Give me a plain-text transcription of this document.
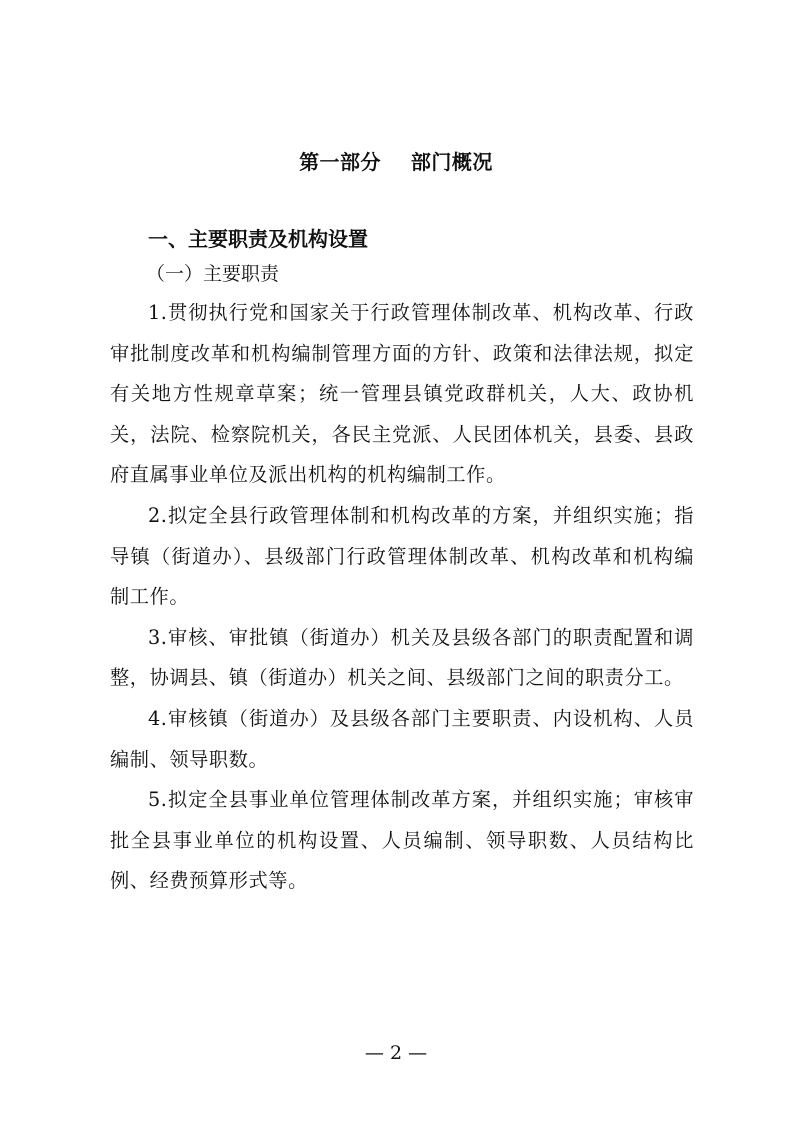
第一部分    部门概况
一、主要职责及机构设置
（一）主要职责

1.贯彻执行党和国家关于行政管理体制改革、机构改革、行政审批制度改革和机构编制管理方面的方针、政策和法律法规，拟定有关地方性规章草案；统一管理县镇党政群机关，人大、政协机关，法院、检察院机关，各民主党派、人民团体机关，县委、县政府直属事业单位及派出机构的机构编制工作。

2.拟定全县行政管理体制和机构改革的方案，并组织实施；指导镇（街道办）、县级部门行政管理体制改革、机构改革和机构编制工作。

3.审核、审批镇（街道办）机关及县级各部门的职责配置和调整，协调县、镇（街道办）机关之间、县级部门之间的职责分工。

4.审核镇（街道办）及县级各部门主要职责、内设机构、人员编制、领导职数。

5.拟定全县事业单位管理体制改革方案，并组织实施；审核审批全县事业单位的机构设置、人员编制、领导职数、人员结构比例、经费预算形式等。

— 2 —
